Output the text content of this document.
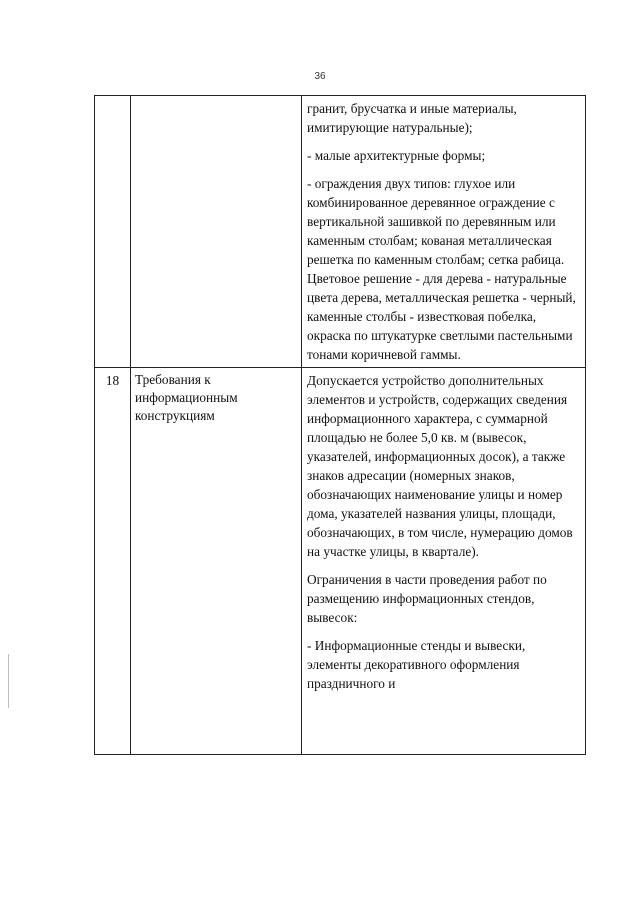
36

		гранит, брусчатка и иные материалы, имитирующие натуральные);

- малые архитектурные формы;

- ограждения двух типов: глухое или комбинированное деревянное ограждение с вертикальной зашивкой по деревянным или каменным столбам; кованая металлическая решетка по каменным столбам; сетка рабица. Цветовое решение - для дерева - натуральные цвета дерева, металлическая решетка - черный, каменные столбы - известковая побелка, окраска по штукатурке светлыми пастельными тонами коричневой гаммы.

18	Требования к информационным конструкциям	Допускается устройство дополнительных элементов и устройств, содержащих сведения информационного характера, с суммарной площадью не более 5,0 кв. м (вывесок, указателей, информационных досок), а также знаков адресации (номерных знаков, обозначающих наименование улицы и номер дома, указателей названия улицы, площади, обозначающих, в том числе, нумерацию домов на участке улицы, в квартале).

Ограничения в части проведения работ по размещению информационных стендов, вывесок:

- Информационные стенды и вывески, элементы декоративного оформления праздничного и
